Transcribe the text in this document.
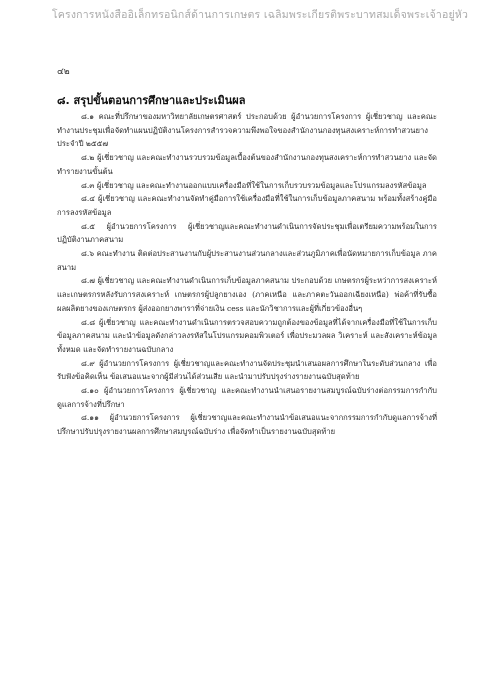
โครงการหนังสืออิเล็กทรอนิกส์ด้านการเกษตร เฉลิมพระเกียรติพระบาทสมเด็จพระเจ้าอยู่หัว
๔๒
๘. สรุปขั้นตอนการศึกษาและประเมินผล

๘.๑ คณะที่ปรึกษาของมหาวิทยาลัยเกษตรศาสตร์ ประกอบด้วย ผู้อำนวยการโครงการ ผู้เชี่ยวชาญ และคณะทำงานประชุมเพื่อจัดทำแผนปฏิบัติงานโครงการสำรวจความพึงพอใจของสำนักงานกองทุนสงเคราะห์การทำสวนยาง ประจำปี ๒๕๕๗

๘.๒ ผู้เชี่ยวชาญ และคณะทำงานรวบรวมข้อมูลเบื้องต้นของสำนักงานกองทุนสงเคราะห์การทำสวนยาง และจัดทำรายงานขั้นต้น

๘.๓ ผู้เชี่ยวชาญ และคณะทำงานออกแบบเครื่องมือที่ใช้ในการเก็บรวบรวมข้อมูลและโปรแกรมลงรหัสข้อมูล

๘.๔ ผู้เชี่ยวชาญ และคณะทำงานจัดทำคู่มือการใช้เครื่องมือที่ใช้ในการเก็บข้อมูลภาคสนาม พร้อมทั้งสร้างคู่มือการลงรหัสข้อมูล

๘.๕ ผู้อำนวยการโครงการ ผู้เชี่ยวชาญและคณะทำงานดำเนินการจัดประชุมเพื่อเตรียมความพร้อมในการปฏิบัติงานภาคสนาม

๘.๖ คณะทำงาน ติดต่อประสานงานกับผู้ประสานงานส่วนกลางและส่วนภูมิภาคเพื่อนัดหมายการเก็บข้อมูล ภาคสนาม

๘.๗ ผู้เชี่ยวชาญ และคณะทำงานดำเนินการเก็บข้อมูลภาคสนาม ประกอบด้วย เกษตรกรผู้ระหว่าการสงเคราะห์และเกษตรกรหลังรับการสงเคราะห์ เกษตรกรผู้ปลูกยางเอง (ภาคเหนือ และภาคตะวันออกเฉียงเหนือ) พ่อค้าที่รับซื้อผลผลิตยางของเกษตรกร ผู้ส่งออกยางพาราที่จ่ายเงิน cess และนักวิชาการและผู้ที่เกี่ยวข้องอื่นๆ

๘.๘ ผู้เชี่ยวชาญ และคณะทำงานดำเนินการตรวจสอบความถูกต้องของข้อมูลที่ได้จากเครื่องมือที่ใช้ในการเก็บข้อมูลภาคสนาม และนำข้อมูลดังกล่าวลงรหัสในโปรแกรมคอมพิวเตอร์ เพื่อประมวลผล วิเคราะห์ และสังเคราะห์ข้อมูลทั้งหมด และจัดทำรายงานฉบับกลาง

๘.๙ ผู้อำนวยการโครงการ ผู้เชี่ยวชาญและคณะทำงานจัดประชุมนำเสนอผลการศึกษาในระดับส่วนกลาง เพื่อ รับฟังข้อคิดเห็น ข้อเสนอแนะจากผู้มีส่วนได้ส่วนเสีย และนำมาปรับปรุงร่างรายงานฉบับสุดท้าย

๘.๑๐ ผู้อำนวยการโครงการ ผู้เชี่ยวชาญ และคณะทำงานนำเสนอรายงานสมบูรณ์ฉบับร่างต่อกรรมการกำกับดูแลการจ้างที่ปรึกษา

๘.๑๑ ผู้อำนวยการโครงการ ผู้เชี่ยวชาญและคณะทำงานนำข้อเสนอแนะจากกรรมการกำกับดูแลการจ้างที่ปรึกษาปรับปรุงรายงานผลการศึกษาสมบูรณ์ฉบับร่าง เพื่อจัดทำเป็นรายงานฉบับสุดท้าย
